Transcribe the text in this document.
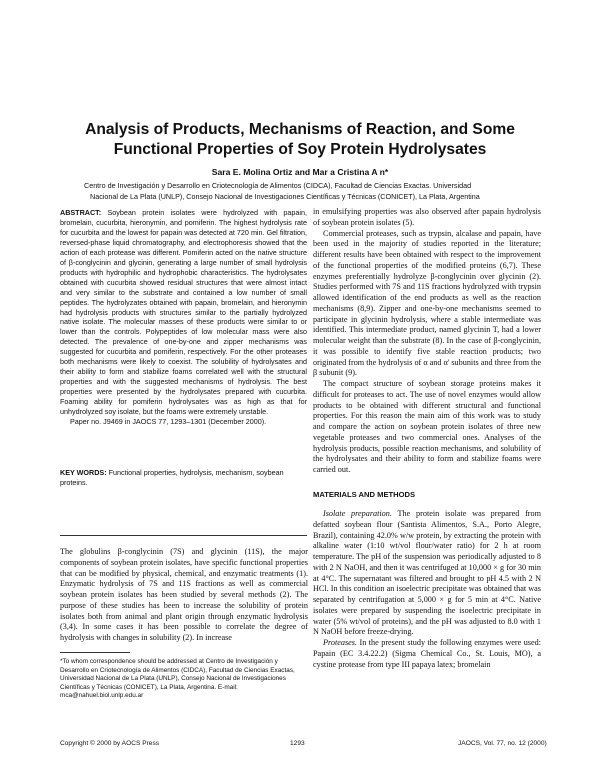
Analysis of Products, Mechanisms of Reaction, and Some
Functional Properties of Soy Protein Hydrolysates
Sara E. Molina Ortiz and Mar a Cristina A n*
Centro de Investigación y Desarrollo en Criotecnología de Alimentos (CIDCA), Facultad de Ciencias Exactas. Universidad
Nacional de La Plata (UNLP), Consejo Nacional de Investigaciones Científicas y Técnicas (CONICET), La Plata, Argentina
ABSTRACT: Soybean protein isolates were hydrolyzed with papain, bromelain, cucurbita, hieronymin, and pomiferin. The highest hydrolysis rate for cucurbita and the lowest for papain was detected at 720 min. Gel filtration, reversed-phase liquid chromatography, and electrophoresis showed that the action of each protease was different. Pomiferin acted on the native structure of β-conglycinin and glycinin, generating a large number of small hydrolysis products with hydrophilic and hydrophobic characteristics. The hydrolysates obtained with cucurbita showed residual structures that were almost intact and very similar to the substrate and contained a low number of small peptides. The hydrolyzates obtained with papain, bromelain, and hieronymin had hydrolysis products with structures similar to the partially hydrolyzed native isolate. The molecular masses of these products were similar to or lower than the controls. Polypeptides of low molecular mass were also detected. The prevalence of one-by-one and zipper mechanisms was suggested for cucurbita and pomiferin, respectively. For the other proteases both mechanisms were likely to coexist. The solubility of hydrolysates and their ability to form and stabilize foams correlated well with the structural properties and with the suggested mechanisms of hydrolysis. The best properties were presented by the hydrolysates prepared with cucurbita. Foaming ability for pomiferin hydrolysates was as high as that for unhydrolyzed soy isolate, but the foams were extremely unstable.
Paper no. J9469 in JAOCS 77, 1293–1301 (December 2000).
KEY WORDS: Functional properties, hydrolysis, mechanism, soybean proteins.

The globulins β-conglycinin (7S) and glycinin (11S), the major components of soybean protein isolates, have specific functional properties that can be modified by physical, chemical, and enzymatic treatments (1). Enzymatic hydrolysis of 7S and 11S fractions as well as commercial soybean protein isolates has been studied by several methods (2). The purpose of these studies has been to increase the solubility of protein isolates both from animal and plant origin through enzymatic hydrolysis (3,4). In some cases it has been possible to correlate the degree of hydrolysis with changes in solubility (2). In increase

*To whom correspondence should be addressed at Centro de Investigación y Desarrollo en Criotecnología de Alimentos (CIDCA), Facultad de Ciencias Exactas, Universidad Nacional de La Plata (UNLP), Consejo Nacional de Investigaciones Científicas y Técnicas (CONICET), La Plata, Argentina. E-mail: mca@nahuel.biol.unlp.edu.ar

in emulsifying properties was also observed after papain hydrolysis of soybean protein isolates (5).

Commercial proteases, such as trypsin, alcalase and papain, have been used in the majority of studies reported in the literature; different results have been obtained with respect to the improvement of the functional properties of the modified proteins (6,7). These enzymes preferentially hydrolyze β-conglycinin over glycinin (2). Studies performed with 7S and 11S fractions hydrolyzed with trypsin allowed identification of the end products as well as the reaction mechanisms (8,9). Zipper and one-by-one mechanisms seemed to participate in glycinin hydrolysis, where a stable intermediate was identified. This intermediate product, named glycinin T, had a lower molecular weight than the substrate (8). In the case of β-conglycinin, it was possible to identify five stable reaction products; two originated from the hydrolysis of α and α' subunits and three from the β subunit (9).

The compact structure of soybean storage proteins makes it difficult for proteases to act. The use of novel enzymes would allow products to be obtained with different structural and functional properties. For this reason the main aim of this work was to study and compare the action on soybean protein isolates of three new vegetable proteases and two commercial ones. Analyses of the hydrolysis products, possible reaction mechanisms, and solubility of the hydrolysates and their ability to form and stabilize foams were carried out.

MATERIALS AND METHODS

Isolate preparation. The protein isolate was prepared from defatted soybean flour (Santista Alimentos, S.A., Porto Alegre, Brazil), containing 42.0% w/w protein, by extracting the protein with alkaline water (1:10 wt/vol flour/water ratio) for 2 h at room temperature. The pH of the suspension was periodically adjusted to 8 with 2 N NaOH, and then it was centrifuged at 10,000 × g for 30 min at 4°C. The supernatant was filtered and brought to pH 4.5 with 2 N HCl. In this condition an isoelectric precipitate was obtained that was separated by centrifugation at 5,000 × g for 5 min at 4°C. Native isolates were prepared by suspending the isoelectric precipitate in water (5% wt/vol of proteins), and the pH was adjusted to 8.0 with 1 N NaOH before freeze-drying.

Proteases. In the present study the following enzymes were used: Papain (EC 3.4.22.2) (Sigma Chemical Co., St. Louis, MO), a cystine protease from type III papaya latex; bromelain

Copyright © 2000 by AOCS Press	1293	JAOCS, Vol. 77, no. 12 (2000)
